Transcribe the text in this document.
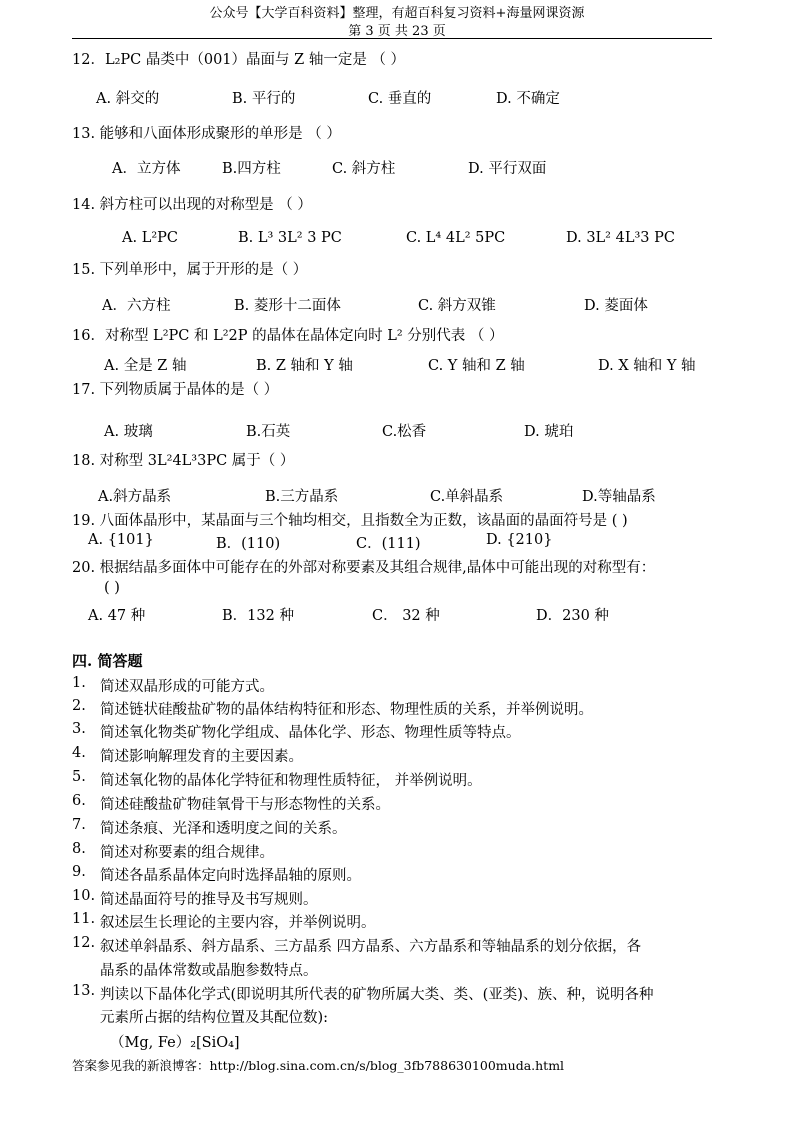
公众号【大学百科资料】整理，有超百科复习资料+海量网课资源
第 3 页 共 23 页
12．L₂PC 晶类中（001）晶面与 Z 轴一定是 （ ）
A. 斜交的	B. 平行的	C. 垂直的	D. 不确定
13. 能够和八面体形成聚形的单形是 （ ）
A．立方体	B.四方柱	C. 斜方柱	D. 平行双面
14. 斜方柱可以出现的对称型是 （ ）
A. L²PC	B. L³ 3L² 3 PC	C. L⁴ 4L² 5PC	D. 3L² 4L³3 PC
15. 下列单形中，属于开形的是（ ）
A．六方柱	B. 菱形十二面体	C. 斜方双锥	D. 菱面体
16．对称型 L²PC 和 L²2P 的晶体在晶体定向时 L² 分别代表 （ ）
A. 全是 Z 轴	B. Z 轴和 Y 轴	C. Y 轴和 Z 轴	D. X 轴和 Y 轴
17. 下列物质属于晶体的是（ ）
A. 玻璃	B.石英	C.松香	D. 琥珀
18. 对称型 3L²4L³3PC 属于（ ）
A.斜方晶系	B.三方晶系	C.单斜晶系	D.等轴晶系
19. 八面体晶形中，某晶面与三个轴均相交，且指数全为正数，该晶面的晶面符号是 ( )
A. {101}	B．(110)	C．(111)	D. {210}
20. 根据结晶多面体中可能存在的外部对称要素及其组合规律,晶体中可能出现的对称型有：
( )
A. 47 种	B．132 种	C． 32 种	D．230 种
四. 简答题
1. 简述双晶形成的可能方式。
2. 简述链状硅酸盐矿物的晶体结构特征和形态、物理性质的关系，并举例说明。
3. 简述氧化物类矿物化学组成、晶体化学、形态、物理性质等特点。
4. 简述影响解理发育的主要因素。
5. 简述氧化物的晶体化学特征和物理性质特征， 并举例说明。
6. 简述硅酸盐矿物硅氧骨干与形态物性的关系。
7. 简述条痕、光泽和透明度之间的关系。
8. 简述对称要素的组合规律。
9. 简述各晶系晶体定向时选择晶轴的原则。
10. 简述晶面符号的推导及书写规则。
11. 叙述层生长理论的主要内容，并举例说明。
12. 叙述单斜晶系、斜方晶系、三方晶系 四方晶系、六方晶系和等轴晶系的划分依据，各
晶系的晶体常数或晶胞参数特点。
13. 判读以下晶体化学式(即说明其所代表的矿物所属大类、类、(亚类)、族、种，说明各种
元素所占据的结构位置及其配位数):
（Mg, Fe）₂[SiO₄]
答案参见我的新浪博客：http://blog.sina.com.cn/s/blog_3fb788630100muda.html
